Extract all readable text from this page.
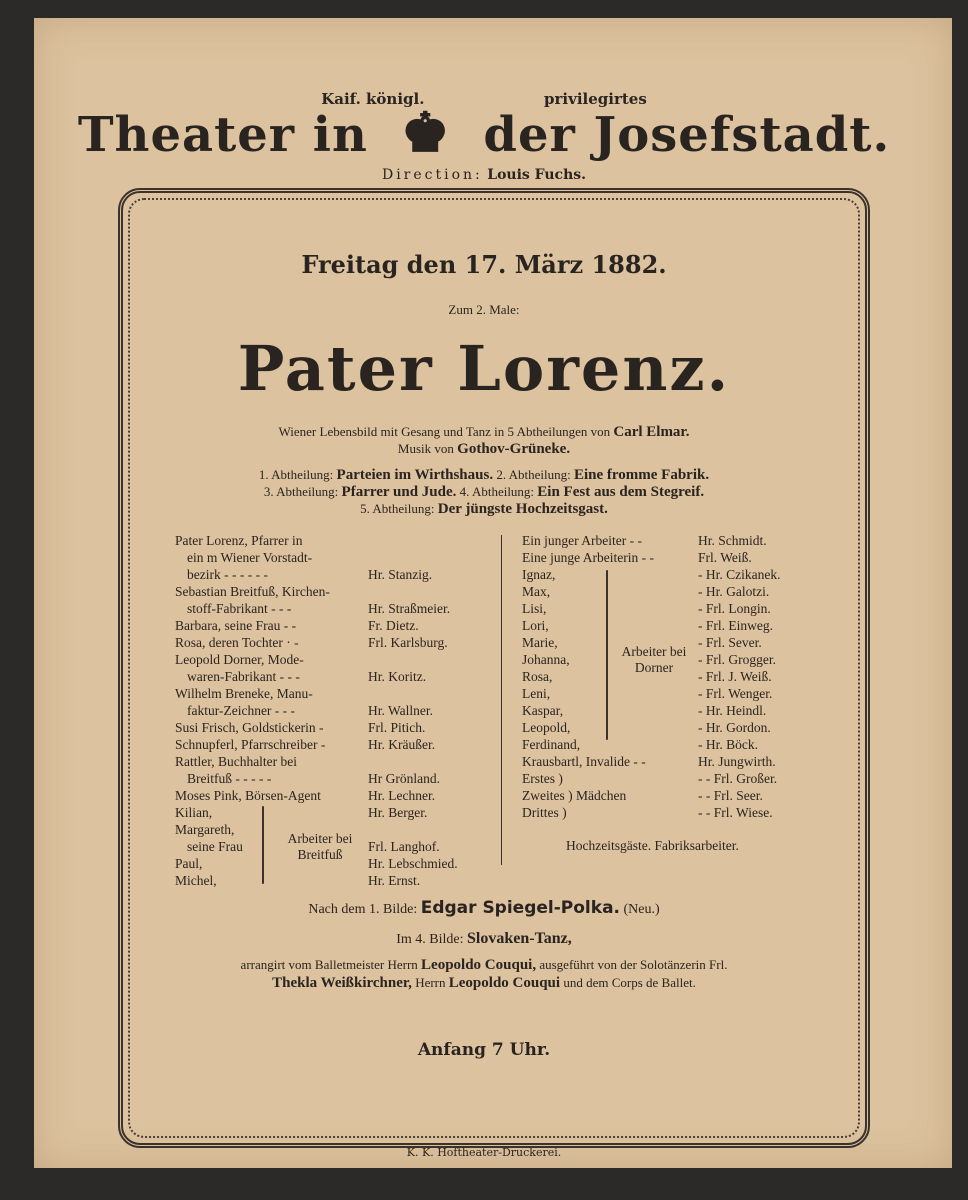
Kaif. königl.	privilegirtes
Theater in ♚ der Josefstadt.
Direction: Louis Fuchs.
Freitag den 17. März 1882.
Zum 2. Male:
Pater Lorenz.
Wiener Lebensbild mit Gesang und Tanz in 5 Abtheilungen von Carl Elmar.
Musik von Gothov-Grüneke.
1. Abtheilung: Parteien im Wirthshaus. 2. Abtheilung: Eine fromme Fabrik.
3. Abtheilung: Pfarrer und Jude. 4. Abtheilung: Ein Fest aus dem Stegreif.
5. Abtheilung: Der jüngste Hochzeitsgast.
Pater Lorenz, Pfarrer in
ein m Wiener Vorstadt-
bezirk - - - - - -	Hr. Stanzig.
Sebastian Breitfuß, Kirchen-
stoff-Fabrikant - - -	Hr. Straßmeier.
Barbara, seine Frau - -	Fr. Dietz.
Rosa, deren Tochter · -	Frl. Karlsburg.
Leopold Dorner, Mode-
waren-Fabrikant - - -	Hr. Koritz.
Wilhelm Breneke, Manu-
faktur-Zeichner - - -	Hr. Wallner.
Susi Frisch, Goldstickerin -	Frl. Pitich.
Schnupferl, Pfarrschreiber -	Hr. Kräußer.
Rattler, Buchhalter bei
Breitfuß - - - - -	Hr Grönland.
Moses Pink, Börsen-Agent	Hr. Lechner.
Kilian,	Hr. Berger.
Margareth,
seine Frau	Frl. Langhof.
Paul,	Hr. Lebschmied.
Michel,	Hr. Ernst.
Ein junger Arbeiter - -	Hr. Schmidt.
Eine junge Arbeiterin - -	Frl. Weiß.
Ignaz,	- Hr. Czikanek.
Max,	- Hr. Galotzi.
Lisi,	- Frl. Longin.
Lori,	- Frl. Einweg.
Marie,	- Frl. Sever.
Johanna,	- Frl. Grogger.
Rosa,	- Frl. J. Weiß.
Leni,	- Frl. Wenger.
Kaspar,	- Hr. Heindl.
Leopold,	- Hr. Gordon.
Ferdinand,	- Hr. Böck.
Krausbartl, Invalide - -	Hr. Jungwirth.
Erstes )	- - Frl. Großer.
Zweites ) Mädchen	- - Frl. Seer.
Drittes )	- - Frl. Wiese.
Arbeiter bei Breitfuß
Arbeiter bei Dorner
Hochzeitsgäste. Fabriksarbeiter.
Nach dem 1. Bilde: Edgar Spiegel-Polka. (Neu.)
Im 4. Bilde: Slovaken-Tanz,
arrangirt vom Balletmeister Herrn Leopoldo Couqui, ausgeführt von der Solotänzerin Frl.
Thekla Weißkirchner, Herrn Leopoldo Couqui und dem Corps de Ballet.
Anfang 7 Uhr.
K. K. Hoftheater-Druckerei.
